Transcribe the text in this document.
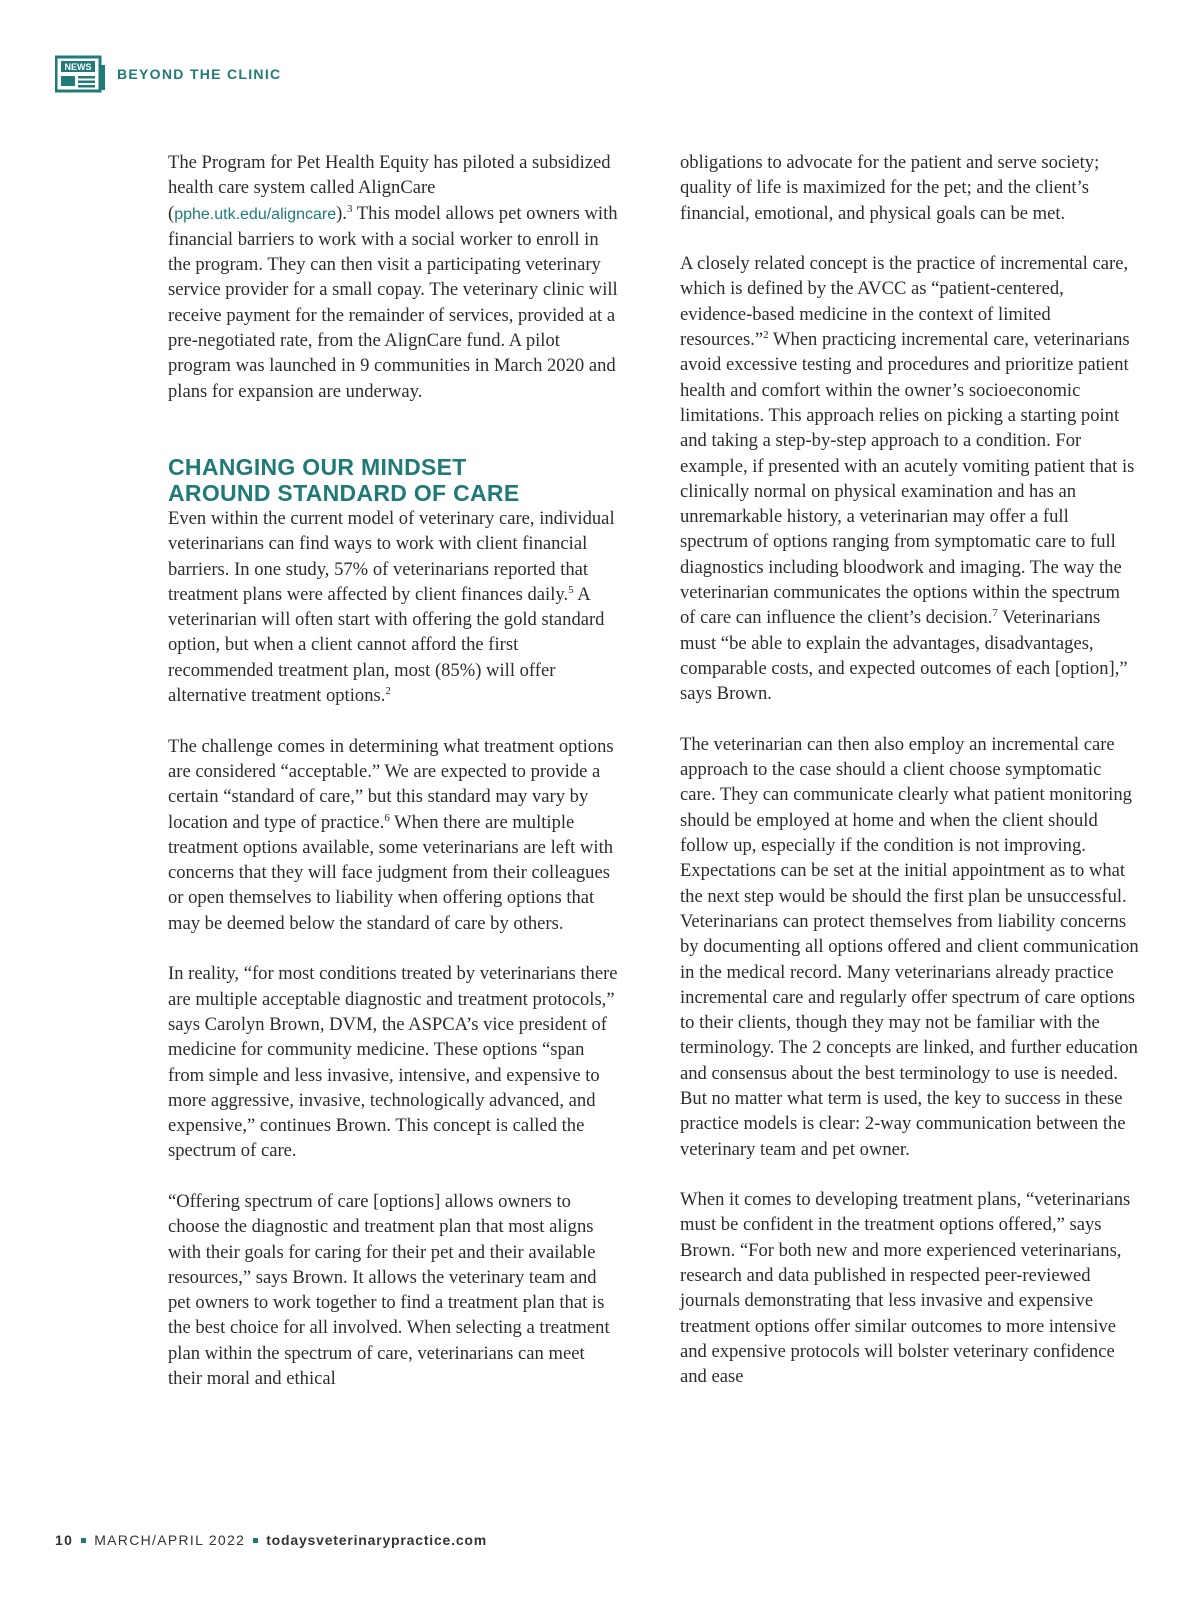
NEWS BEYOND THE CLINIC

The Program for Pet Health Equity has piloted a subsidized health care system called AlignCare (pphe.utk.edu/aligncare).$^3$ This model allows pet owners with financial barriers to work with a social worker to enroll in the program. They can then visit a participating veterinary service provider for a small copay. The veterinary clinic will receive payment for the remainder of services, provided at a pre-negotiated rate, from the AlignCare fund. A pilot program was launched in 9 communities in March 2020 and plans for expansion are underway.

CHANGING OUR MINDSET
AROUND STANDARD OF CARE

Even within the current model of veterinary care, individual veterinarians can find ways to work with client financial barriers. In one study, 57% of veterinarians reported that treatment plans were affected by client finances daily.$^5$ A veterinarian will often start with offering the gold standard option, but when a client cannot afford the first recommended treatment plan, most (85%) will offer alternative treatment options.$^2$

The challenge comes in determining what treatment options are considered “acceptable.” We are expected to provide a certain “standard of care,” but this standard may vary by location and type of practice.$^6$ When there are multiple treatment options available, some veterinarians are left with concerns that they will face judgment from their colleagues or open themselves to liability when offering options that may be deemed below the standard of care by others.

In reality, “for most conditions treated by veterinarians there are multiple acceptable diagnostic and treatment protocols,” says Carolyn Brown, DVM, the ASPCA’s vice president of medicine for community medicine. These options “span from simple and less invasive, intensive, and expensive to more aggressive, invasive, technologically advanced, and expensive,” continues Brown. This concept is called the spectrum of care.

“Offering spectrum of care [options] allows owners to choose the diagnostic and treatment plan that most aligns with their goals for caring for their pet and their available resources,” says Brown. It allows the veterinary team and pet owners to work together to find a treatment plan that is the best choice for all involved. When selecting a treatment plan within the spectrum of care, veterinarians can meet their moral and ethical

obligations to advocate for the patient and serve society; quality of life is maximized for the pet; and the client’s financial, emotional, and physical goals can be met.

A closely related concept is the practice of incremental care, which is defined by the AVCC as “patient-centered, evidence-based medicine in the context of limited resources.”$^2$ When practicing incremental care, veterinarians avoid excessive testing and procedures and prioritize patient health and comfort within the owner’s socioeconomic limitations. This approach relies on picking a starting point and taking a step-by-step approach to a condition. For example, if presented with an acutely vomiting patient that is clinically normal on physical examination and has an unremarkable history, a veterinarian may offer a full spectrum of options ranging from symptomatic care to full diagnostics including bloodwork and imaging. The way the veterinarian communicates the options within the spectrum of care can influence the client’s decision.$^7$ Veterinarians must “be able to explain the advantages, disadvantages, comparable costs, and expected outcomes of each [option],” says Brown.

The veterinarian can then also employ an incremental care approach to the case should a client choose symptomatic care. They can communicate clearly what patient monitoring should be employed at home and when the client should follow up, especially if the condition is not improving. Expectations can be set at the initial appointment as to what the next step would be should the first plan be unsuccessful. Veterinarians can protect themselves from liability concerns by documenting all options offered and client communication in the medical record. Many veterinarians already practice incremental care and regularly offer spectrum of care options to their clients, though they may not be familiar with the terminology. The 2 concepts are linked, and further education and consensus about the best terminology to use is needed. But no matter what term is used, the key to success in these practice models is clear: 2-way communication between the veterinary team and pet owner.

When it comes to developing treatment plans, “veterinarians must be confident in the treatment options offered,” says Brown. “For both new and more experienced veterinarians, research and data published in respected peer-reviewed journals demonstrating that less invasive and expensive treatment options offer similar outcomes to more intensive and expensive protocols will bolster veterinary confidence and ease

10 MARCH/APRIL 2022 todaysveterinarypractice.com
